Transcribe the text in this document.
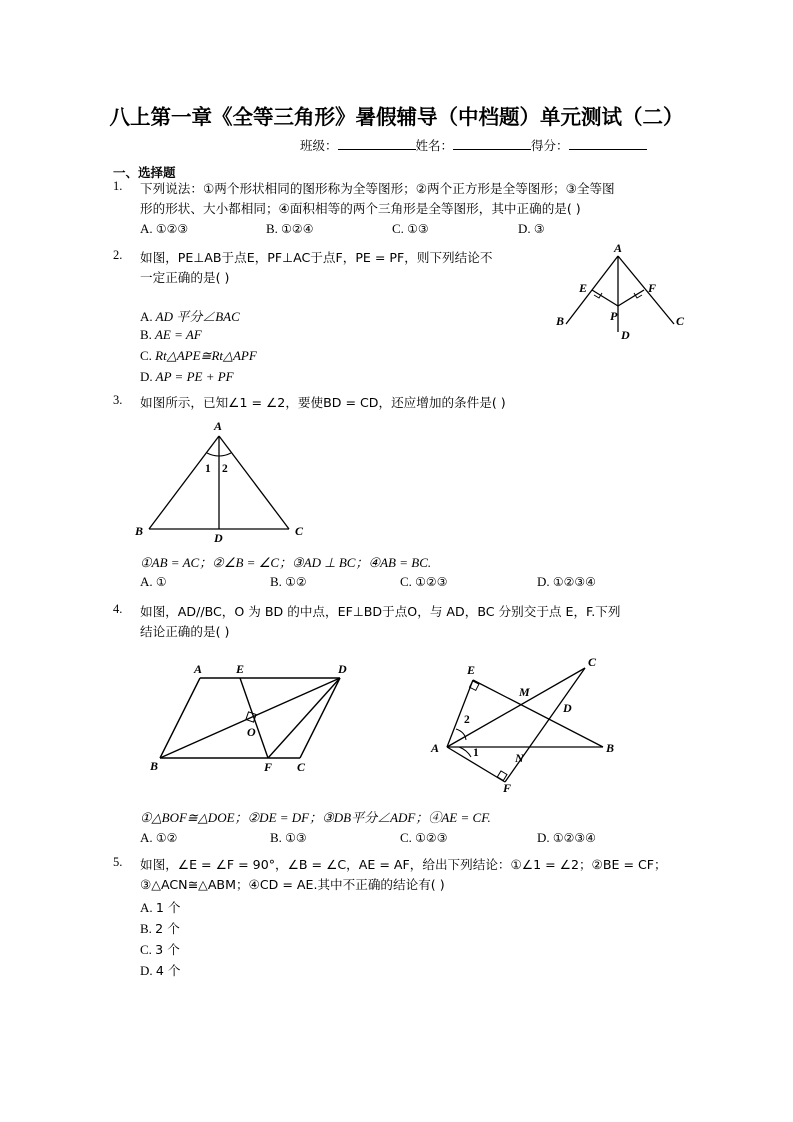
八上第一章《全等三角形》暑假辅导（中档题）单元测试（二）
班级：	姓名：	得分：
一、选择题
1.	下列说法：①两个形状相同的图形称为全等图形；②两个正方形是全等图形；③全等图
形的形状、大小都相同；④面积相等的两个三角形是全等图形，其中正确的是( )
A. ①②③	B. ①②④	C. ①③	D. ③
2.	如图，PE⊥AB于点E，PF⊥AC于点F，PE = PF，则下列结论不
一定正确的是( )
A. AD 平分∠BAC
B. AE = AF
C. Rt△APE≅Rt△APF
D. AP = PE + PF
A
E	F
P
B	C
D
3.	如图所示，已知∠1 = ∠2，要使BD = CD，还应增加的条件是( )
A
1 2
B	D	C
①AB = AC；②∠B = ∠C；③AD ⊥ BC；④AB = BC.
A. ①	B. ①②	C. ①②③	D. ①②③④
4.	如图，AD//BC，O 为 BD 的中点，EF⊥BD于点O，与 AD，BC 分别交于点 E，F.下列
结论正确的是( )
A	E	D
O
B	F C
E
C
M
D
2
A	1	N
B
F
①△BOF≅△DOE；②DE = DF；③DB平分∠ADF；④AE = CF.
A. ①②	B. ①③	C. ①②③	D. ①②③④
5.	如图，∠E = ∠F = 90°，∠B = ∠C，AE = AF，给出下列结论：①∠1 = ∠2；②BE = CF；
③△ACN≅△ABM；④CD = AE.其中不正确的结论有( )
A. 1 个
B. 2 个
C. 3 个
D. 4 个
